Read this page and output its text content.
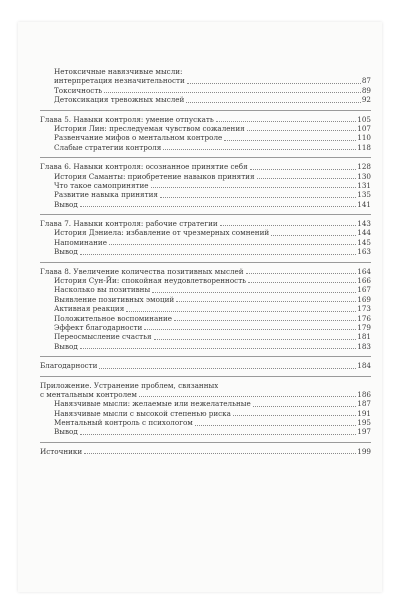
Нетоксичные навязчивые мысли:
интерпретация незначительности	87
Токсичность	89
Детоксикация тревожных мыслей	92
Глава 5. Навыки контроля: умение отпускать	105
История Лин: преследуемая чувством сожаления	107
Развенчание мифов о ментальном контроле	110
Слабые стратегии контроля	118
Глава 6. Навыки контроля: осознанное принятие себя	128
История Саманты: приобретение навыков принятия	130
Что такое самопринятие	131
Развитие навыка принятия	135
Вывод	141
Глава 7. Навыки контроля: рабочие стратегии	143
История Дэниела: избавление от чрезмерных сомнений	144
Напоминание	145
Вывод	163
Глава 8. Увеличение количества позитивных мыслей	164
История Сун-Йи: спокойная неудовлетворенность	166
Насколько вы позитивны	167
Выявление позитивных эмоций	169
Активная реакция	173
Положительное воспоминание	176
Эффект благодарности	179
Переосмысление счастья	181
Вывод	183
Благодарности	184
Приложение. Устранение проблем, связанных
с ментальным контролем	186
Навязчивые мысли: желаемые или нежелательные	187
Навязчивые мысли с высокой степенью риска	191
Ментальный контроль с психологом	195
Вывод	197
Источники	199
